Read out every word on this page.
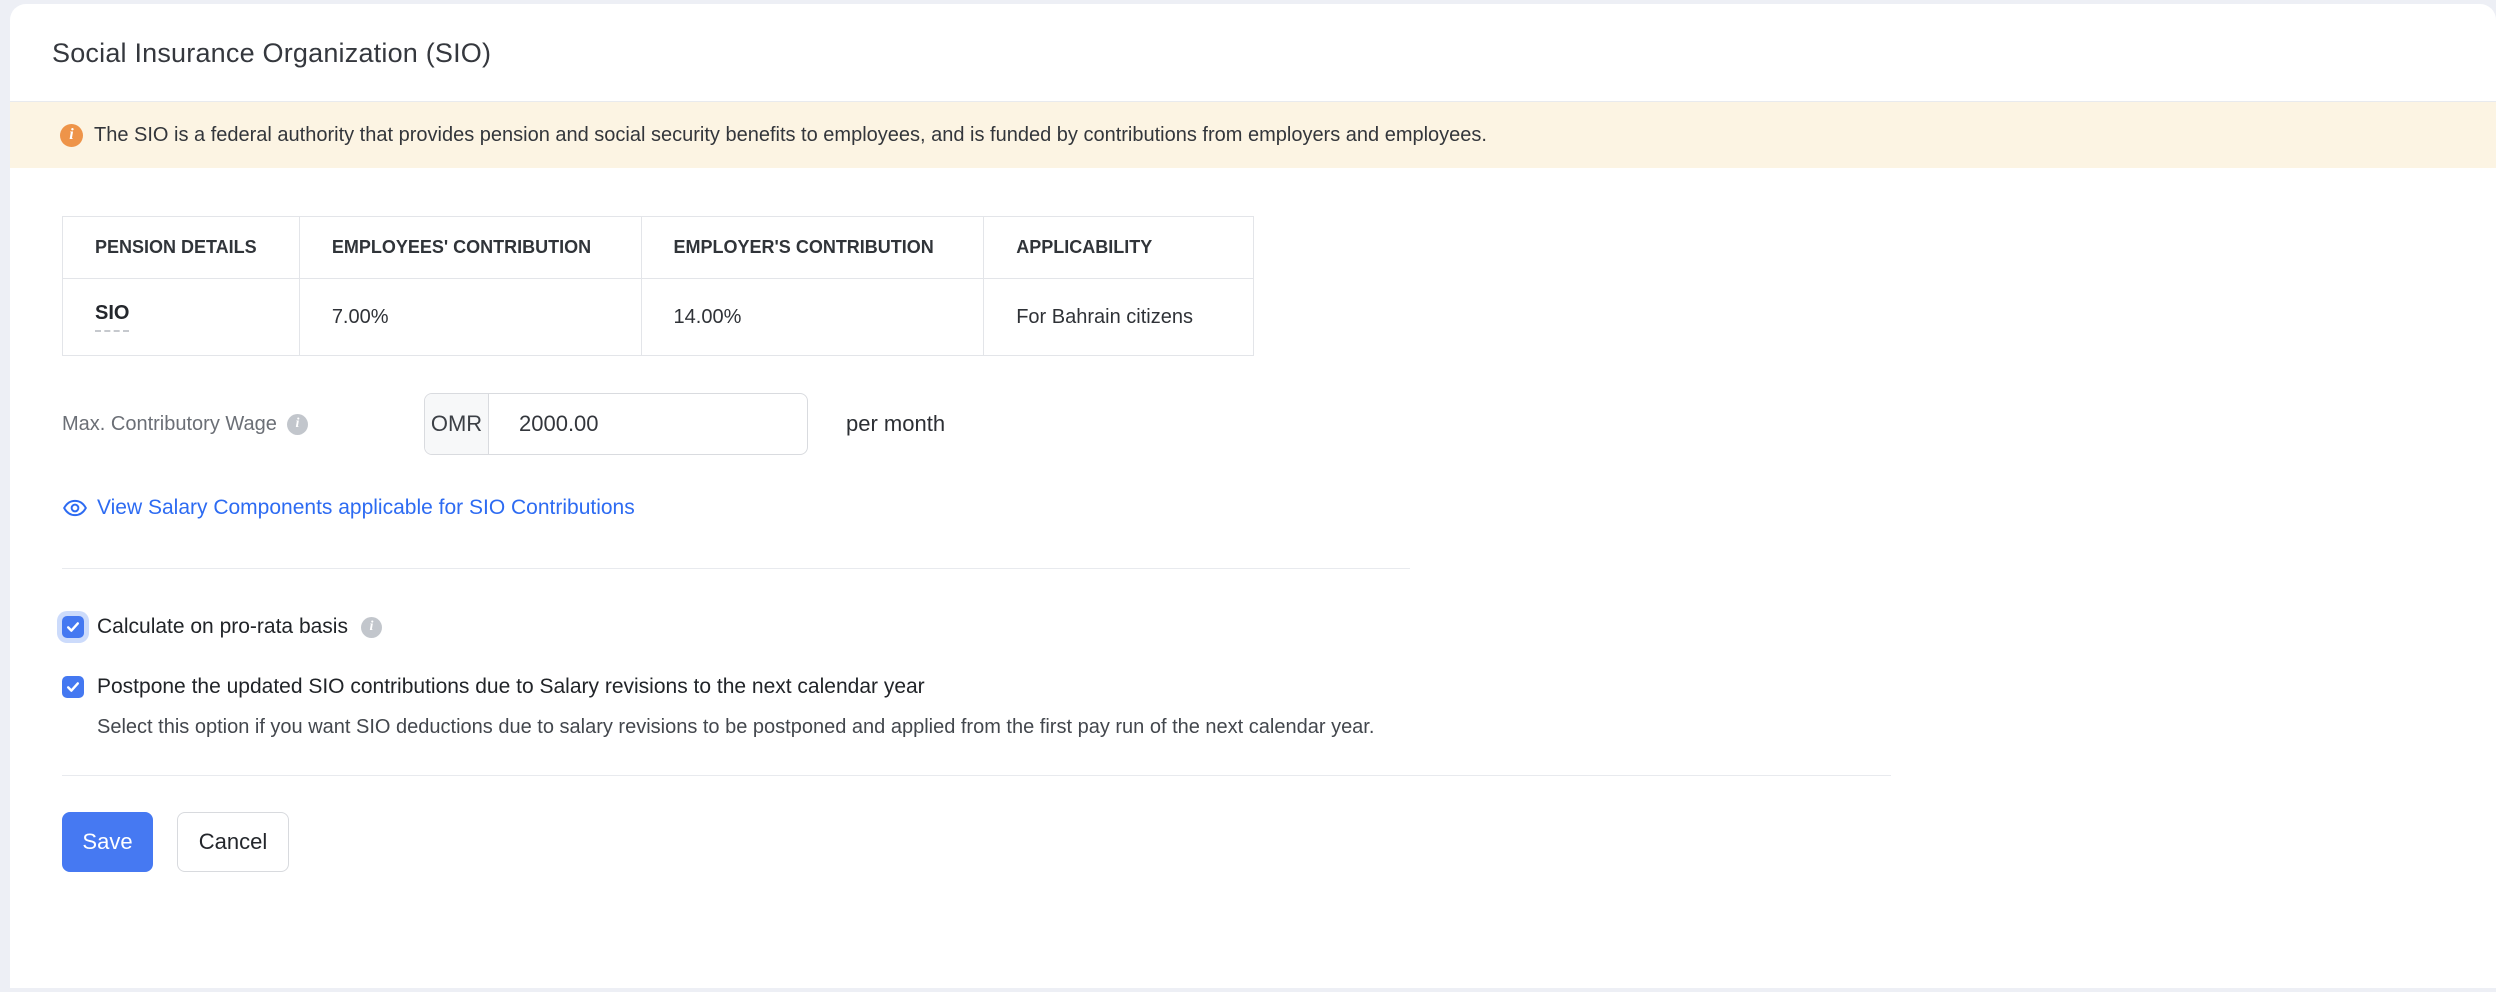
Social Insurance Organization (SIO)
i	The SIO is a federal authority that provides pension and social security benefits to employees, and is funded by contributions from employers and employees.
PENSION DETAILS	EMPLOYEES' CONTRIBUTION	EMPLOYER'S CONTRIBUTION	APPLICABILITY
SIO	7.00%	14.00%	For Bahrain citizens
Max. Contributory Wage	i	OMR
2000.00	per month
View Salary Components applicable for SIO Contributions
Calculate on pro-rata basis	i
Postpone the updated SIO contributions due to Salary revisions to the next calendar year
Select this option if you want SIO deductions due to salary revisions to be postponed and applied from the first pay run of the next calendar year.
Save	Cancel
